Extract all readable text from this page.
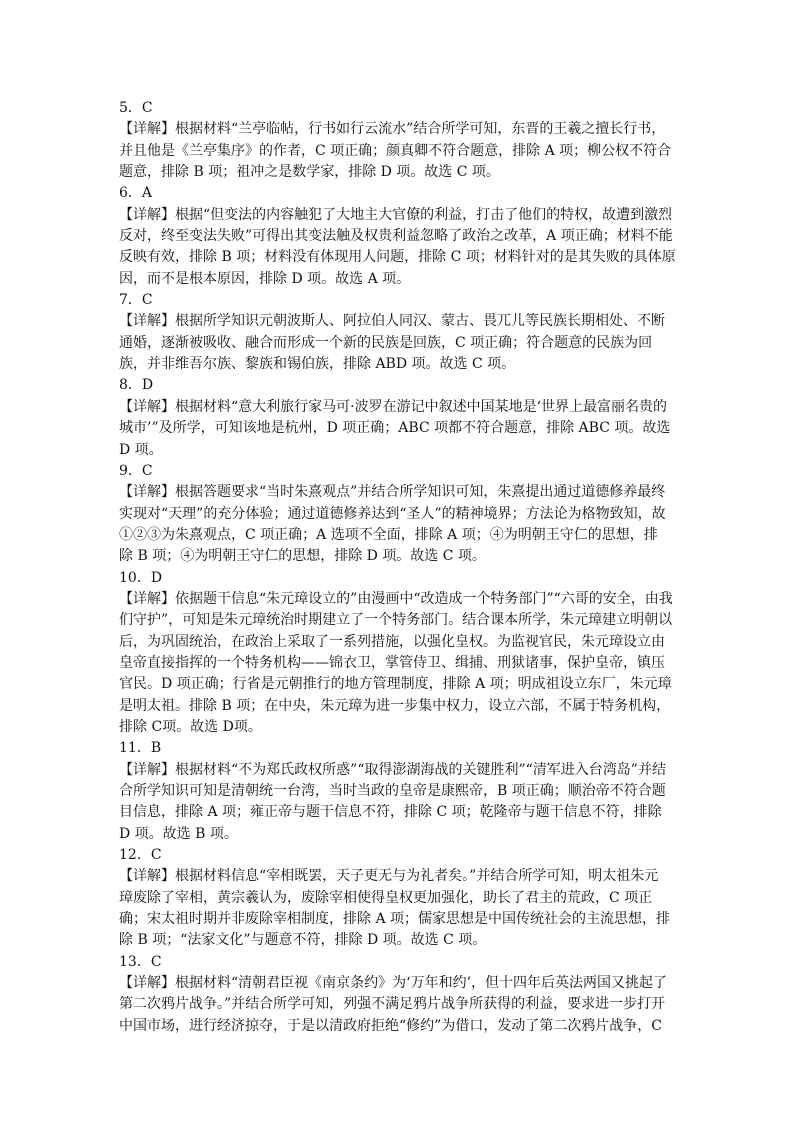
5．C

【详解】根据材料“兰亭临帖，行书如行云流水”结合所学可知，东晋的王羲之擅长行书，
并且他是《兰亭集序》的作者，C 项正确；颜真卿不符合题意，排除 A 项；柳公权不符合
题意，排除 B 项；祖冲之是数学家，排除 D 项。故选 C 项。

6．A

【详解】根据“但变法的内容触犯了大地主大官僚的利益，打击了他们的特权，故遭到激烈
反对，终至变法失败”可得出其变法触及权贵利益忽略了政治之改革，A 项正确；材料不能
反映有效，排除 B 项；材料没有体现用人问题，排除 C 项；材料针对的是其失败的具体原
因，而不是根本原因，排除 D 项。故选 A 项。

7．C

【详解】根据所学知识元朝波斯人、阿拉伯人同汉、蒙古、畏兀儿等民族长期相处、不断
通婚，逐渐被吸收、融合而形成一个新的民族是回族，C 项正确；符合题意的民族为回
族，并非维吾尔族、黎族和锡伯族，排除 ABD 项。故选 C 项。

8．D

【详解】根据材料“意大利旅行家马可·波罗在游记中叙述中国某地是‘世界上最富丽名贵的
城市’”及所学，可知该地是杭州，D 项正确；ABC 项都不符合题意，排除 ABC 项。故选
D 项。

9．C

【详解】根据答题要求“当时朱熹观点”并结合所学知识可知，朱熹提出通过道德修养最终
实现对“天理”的充分体验；通过道德修养达到“圣人”的精神境界；方法论为格物致知，故
①②③为朱熹观点，C 项正确；A 选项不全面，排除 A 项；④为明朝王守仁的思想，排
除 B 项；④为明朝王守仁的思想，排除 D 项。故选 C 项。

10．D

【详解】依据题干信息“朱元璋设立的”由漫画中“改造成一个特务部门”“六哥的安全，由我
们守护”，可知是朱元璋统治时期建立了一个特务部门。结合课本所学，朱元璋建立明朝以
后，为巩固统治，在政治上采取了一系列措施，以强化皇权。为监视官民，朱元璋设立由
皇帝直接指挥的一个特务机构——锦衣卫，掌管侍卫、缉捕、刑狱诸事，保护皇帝，镇压
官民。D 项正确；行省是元朝推行的地方管理制度，排除 A 项；明成祖设立东厂，朱元璋
是明太祖。排除 B 项；在中央，朱元璋为进一步集中权力，设立六部，不属于特务机构，
排除 C项。故选 D项。

11．B

【详解】根据材料“不为郑氏政权所惑”“取得澎湖海战的关键胜利”“清军进入台湾岛”并结
合所学知识可知是清朝统一台湾，当时当政的皇帝是康熙帝，B 项正确；顺治帝不符合题
目信息，排除 A 项；雍正帝与题干信息不符，排除 C 项；乾隆帝与题干信息不符，排除
D 项。故选 B 项。

12．C

【详解】根据材料信息“宰相既罢，天子更无与为礼者矣。”并结合所学可知，明太祖朱元
璋废除了宰相，黄宗羲认为，废除宰相使得皇权更加强化，助长了君主的荒政，C 项正
确；宋太祖时期并非废除宰相制度，排除 A 项；儒家思想是中国传统社会的主流思想，排
除 B 项；“法家文化”与题意不符，排除 D 项。故选 C 项。

13．C

【详解】根据材料“清朝君臣视《南京条约》为‘万年和约’，但十四年后英法两国又挑起了
第二次鸦片战争。”并结合所学可知，列强不满足鸦片战争所获得的利益，要求进一步打开
中国市场，进行经济掠夺，于是以清政府拒绝“修约”为借口，发动了第二次鸦片战争，C
